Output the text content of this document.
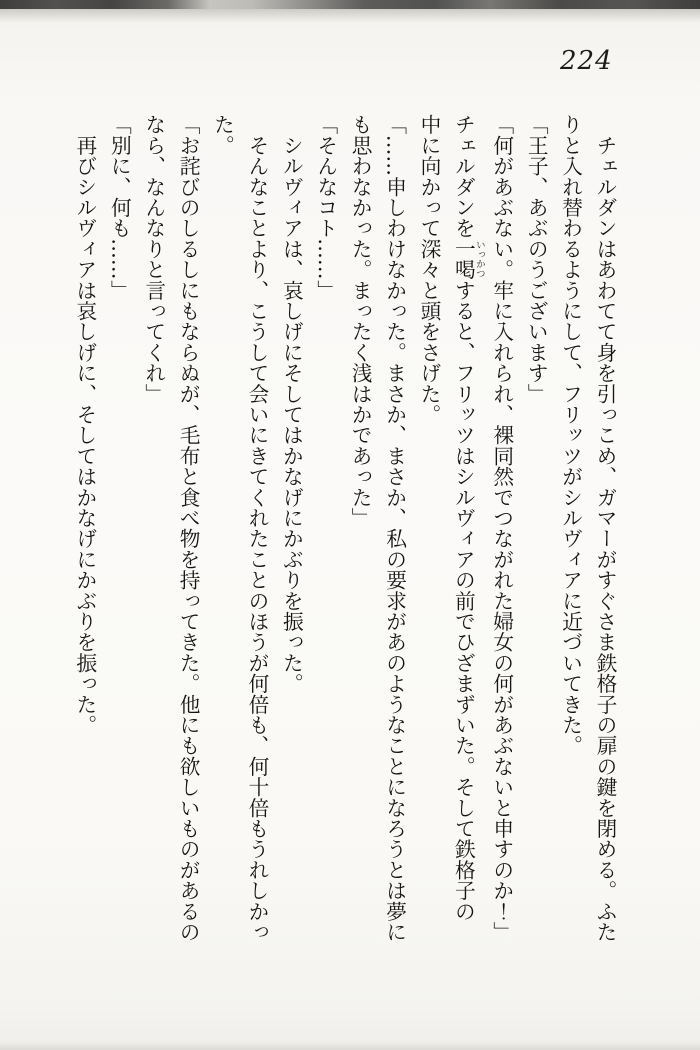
224

　チェルダンはあわてて身を引っこめ、ガマーがすぐさま鉄格子の扉の鍵を閉める。ふた

りと入れ替わるようにして、フリッツがシルヴィアに近づいてきた。

「王子、あぶのうございます」

「何があぶない。牢に入れられ、裸同然でつながれた婦女の何があぶないと申すのか！」

チェルダンを一喝いっかつすると、フリッツはシルヴィアの前でひざまずいた。そして鉄格子の

中に向かって深々と頭をさげた。

「……申しわけなかった。まさか、まさか、私の要求があのようなことになろうとは夢に

も思わなかった。まったく浅はかであった」

「そんなコト……」

　シルヴィアは、哀しげにそしてはかなげにかぶりを振った。

　そんなことより、こうして会いにきてくれたことのほうが何倍も、何十倍もうれしかっ

た。

「お詫びのしるしにもならぬが、毛布と食べ物を持ってきた。他にも欲しいものがあるの

なら、なんなりと言ってくれ」

「別に、何も……」

　再びシルヴィアは哀しげに、そしてはかなげにかぶりを振った。
